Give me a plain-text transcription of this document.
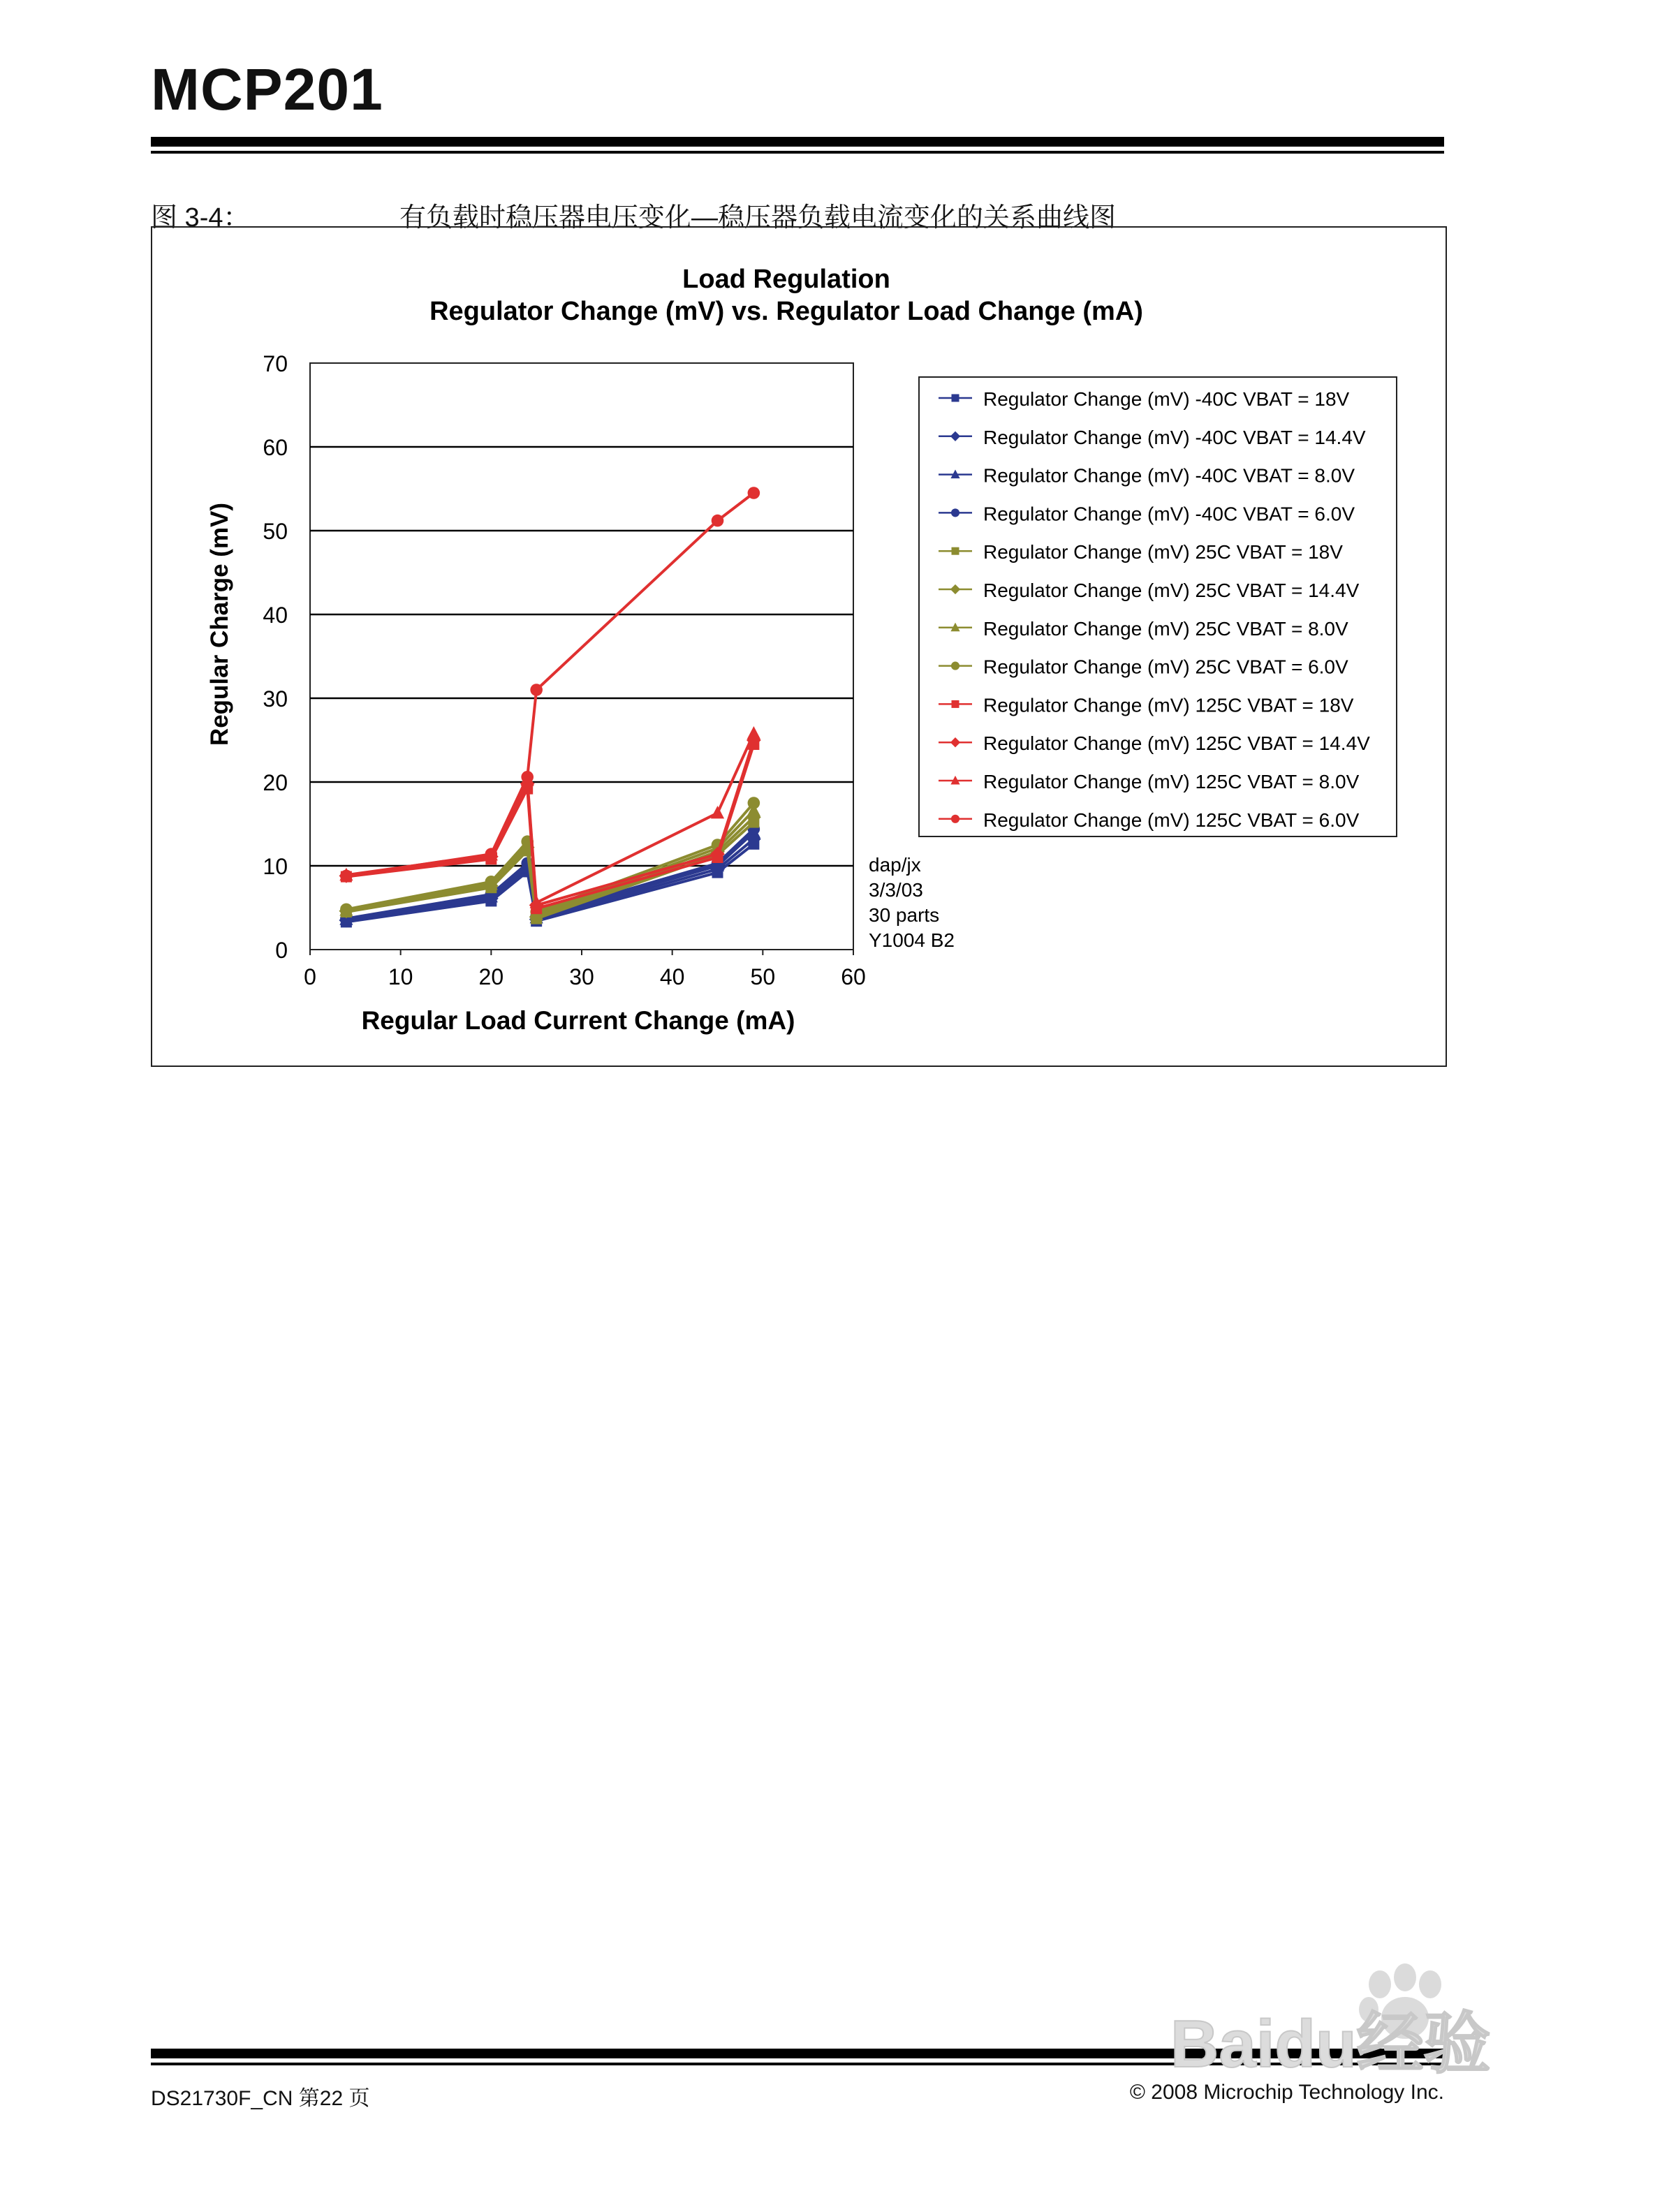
MCP201
图 3-4：	有负载时稳压器电压变化—稳压器负载电流变化的关系曲线图
Load Regulation
Regulator Change (mV) vs. Regulator Load Change (mA)
Regular Load Current Change (mA)
Regular Charge (mV)
0
10
20
30
40
50
60
70
0	10	20	30	40	50	60
Regulator Change (mV) -40C VBAT = 18V
Regulator Change (mV) -40C VBAT = 14.4V
Regulator Change (mV) -40C VBAT = 8.0V
Regulator Change (mV) -40C VBAT = 6.0V
Regulator Change (mV) 25C VBAT = 18V
Regulator Change (mV) 25C VBAT = 14.4V
Regulator Change (mV) 25C VBAT = 8.0V
Regulator Change (mV) 25C VBAT = 6.0V
Regulator Change (mV) 125C VBAT = 18V
Regulator Change (mV) 125C VBAT = 14.4V
Regulator Change (mV) 125C VBAT = 8.0V
Regulator Change (mV) 125C VBAT = 6.0V
dap/jx
3/3/03
30 parts
Y1004 B2
DS21730F_CN 第22 页	© 2008 Microchip Technology Inc.
Baidu经验
